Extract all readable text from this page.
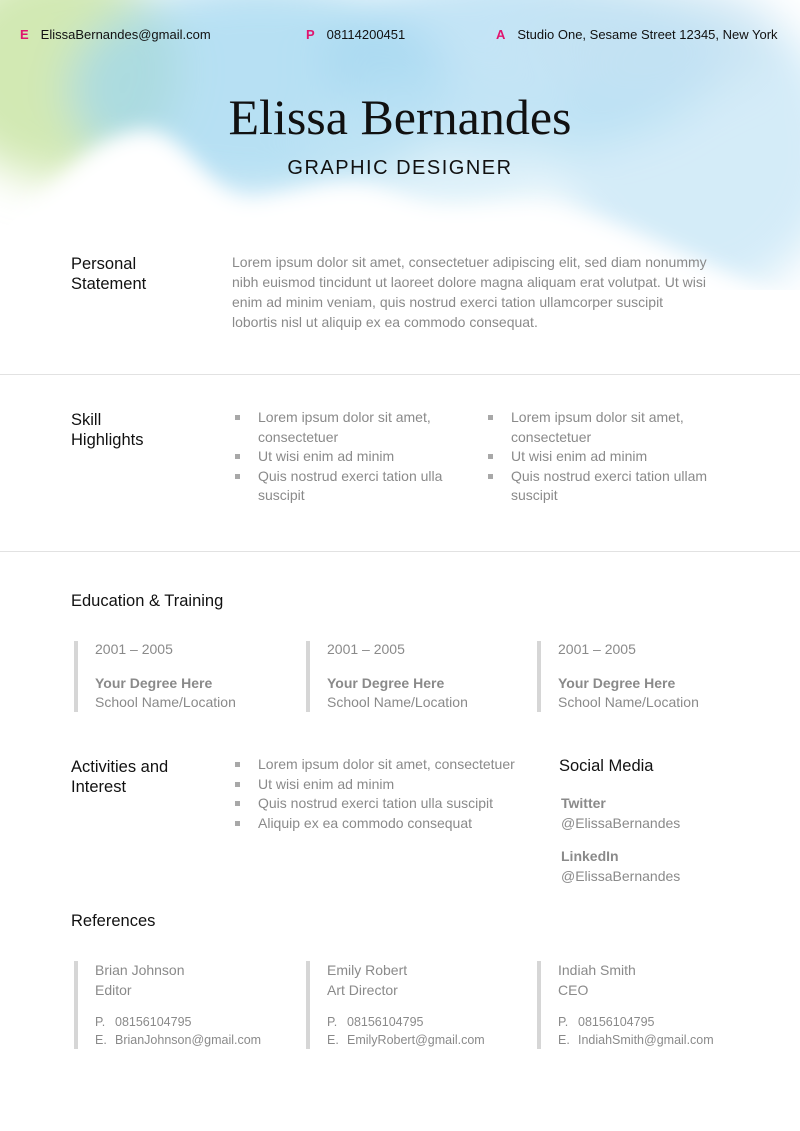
E ElissaBernandes@gmail.com	P 08114200451	A Studio One, Sesame Street 12345, New York
Elissa Bernandes
GRAPHIC DESIGNER
Personal
Statement
Lorem ipsum dolor sit amet, consectetuer adipiscing elit, sed diam nonummy nibh euismod tincidunt ut laoreet dolore magna aliquam erat volutpat. Ut wisi enim ad minim veniam, quis nostrud exerci tation ullamcorper suscipit lobortis nisl ut aliquip ex ea commodo consequat.
Skill
Highlights
Lorem ipsum dolor sit amet, consectetuer
Ut wisi enim ad minim
Quis nostrud exerci tation ulla suscipit
Lorem ipsum dolor sit amet, consectetuer
Ut wisi enim ad minim
Quis nostrud exerci tation ullam suscipit
Education & Training
2001 – 2005
Your Degree Here
School Name/Location
2001 – 2005
Your Degree Here
School Name/Location
2001 – 2005
Your Degree Here
School Name/Location
Activities and
Interest
Lorem ipsum dolor sit amet, consectetuer
Ut wisi enim ad minim
Quis nostrud exerci tation ulla suscipit
Aliquip ex ea commodo consequat
Social Media
Twitter
@ElissaBernandes
LinkedIn
@ElissaBernandes
References
Brian Johnson
Editor
P. 08156104795
E. BrianJohnson@gmail.com
Emily Robert
Art Director
P. 08156104795
E. EmilyRobert@gmail.com
Indiah Smith
CEO
P. 08156104795
E. IndiahSmith@gmail.com
